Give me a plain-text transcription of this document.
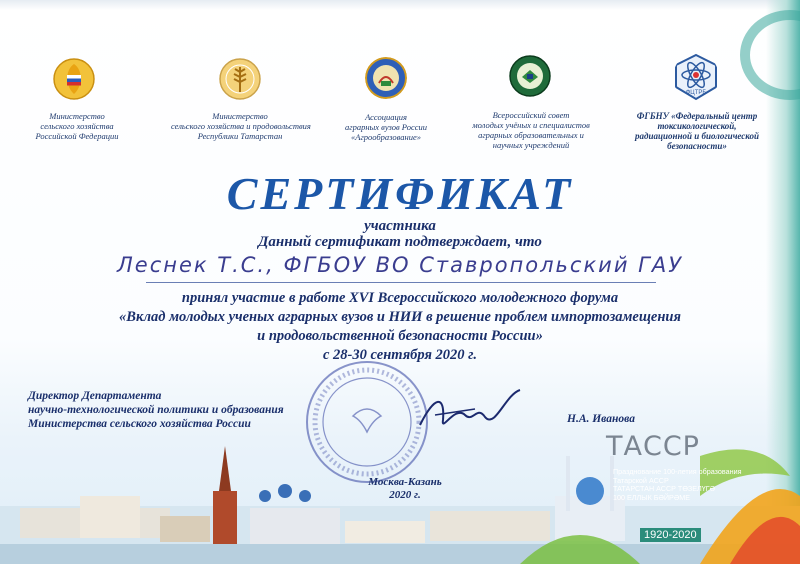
ФЦТРБ
Министерство
сельского хозяйства
Российской Федерации
Министерство
сельского хозяйства и продовольствия
Республики Татарстан
Ассоциация
аграрных вузов России
«Агрообразование»
Всероссийский совет
молодых учёных и специалистов
аграрных образовательных и
научных учреждений
ФГБНУ «Федеральный центр
токсикологической,
радиационной и биологической
безопасности»
СЕРТИФИКАТ
участника
Данный сертификат подтверждает, что
Леснек Т.С., ФГБОУ ВО Ставропольский ГАУ
принял участие в работе XVI Всероссийского молодежного форума
«Вклад молодых ученых аграрных вузов и НИИ в решение проблем импортозамещения
и продовольственной безопасности России»
с 28-30 сентября 2020 г.
Директор Департамента
научно-технологической политики и образования
Министерства сельского хозяйства России	Н.А. Иванова
Москва-Казань
2020 г.
ТАССР
Празднование 100-летия образования
Татарской АССР
ТАТАРСТАН АССР ТӨЗЕЛҮГӘ
100 ЕЛЛЫК БӘЙРӘМЕ
1920-2020
